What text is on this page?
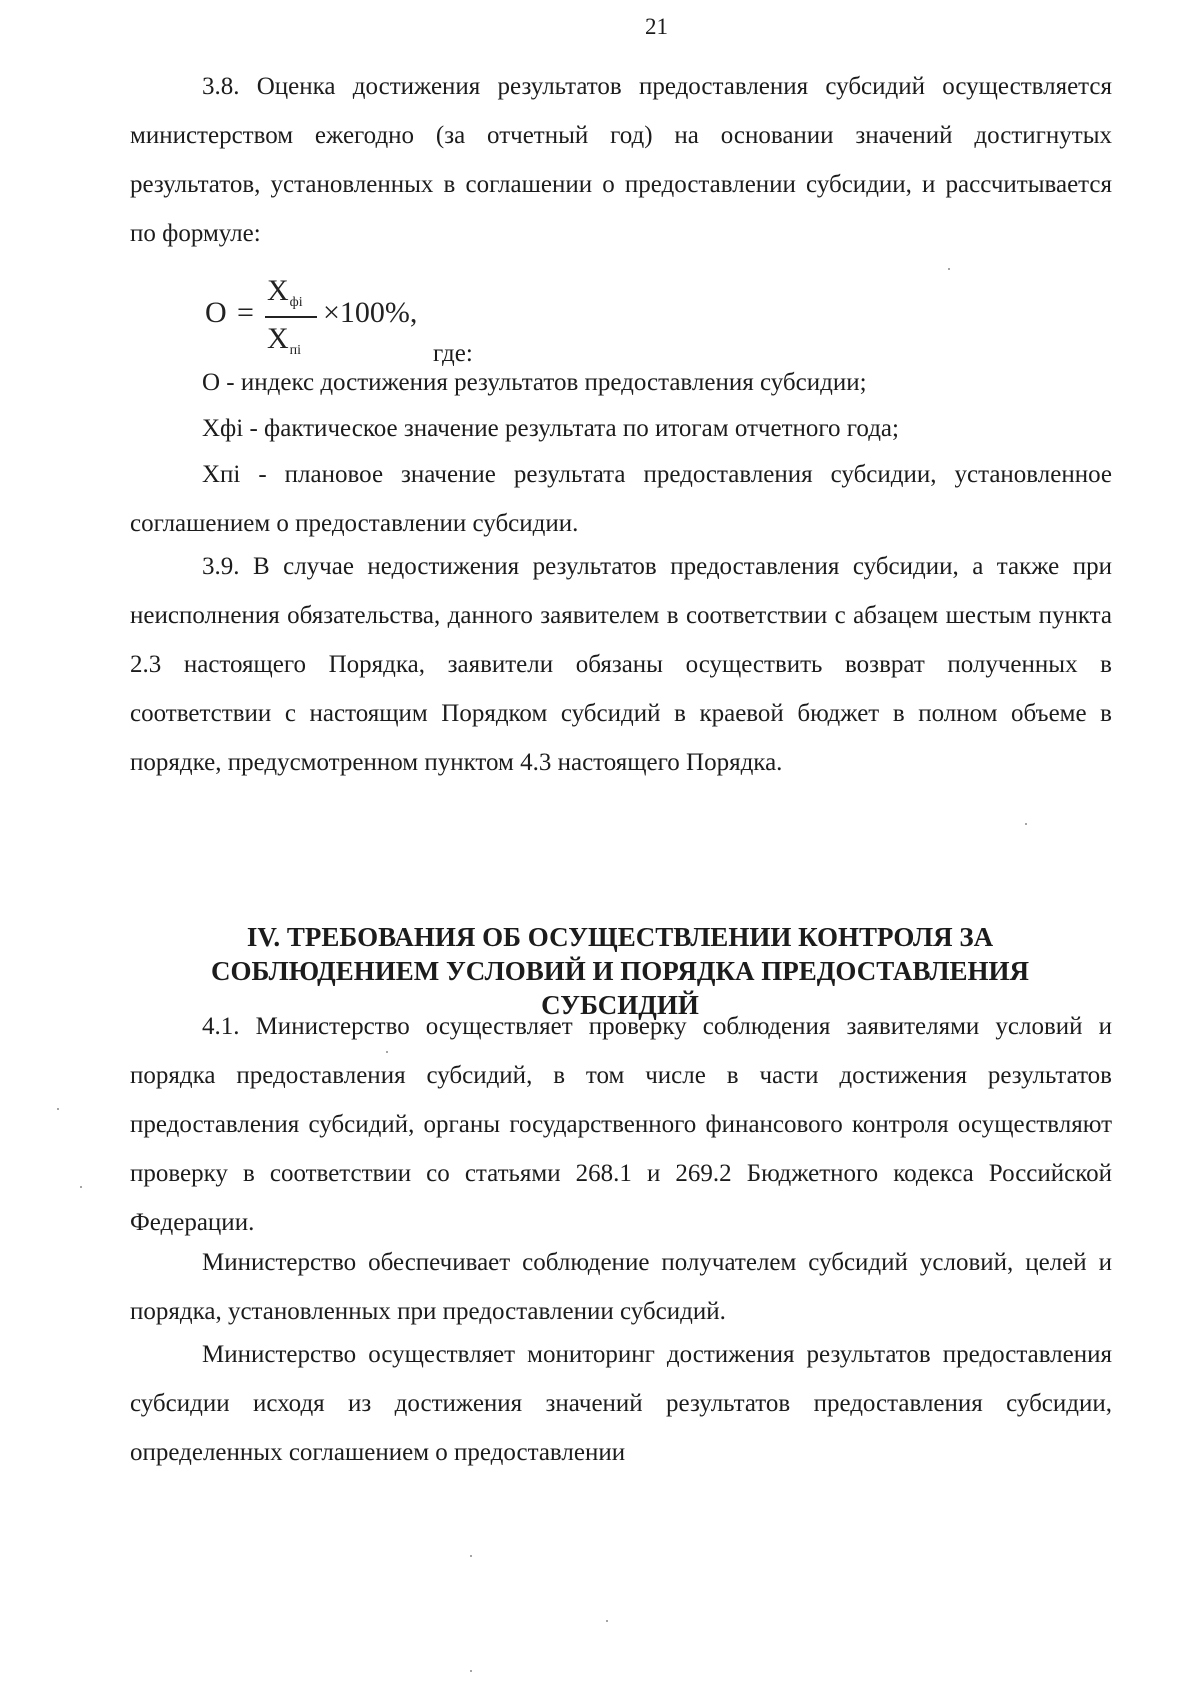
21

3.8. Оценка достижения результатов предоставления субсидий осуществляется министерством ежегодно (за отчетный год) на основании значений достигнутых результатов, установленных в соглашении о предоставлении субсидии, и рассчитывается по формуле:

О =
$X_{фi}$
$X_{пi}$
×100%,
где:

О - индекс достижения результатов предоставления субсидии;

Хфi - фактическое значение результата по итогам отчетного года;

Хпi - плановое значение результата предоставления субсидии, установленное соглашением о предоставлении субсидии.

3.9. В случае недостижения результатов предоставления субсидии, а также при неисполнения обязательства, данного заявителем в соответствии с абзацем шестым пункта 2.3 настоящего Порядка, заявители обязаны осуществить возврат полученных в соответствии с настоящим Порядком субсидий в краевой бюджет в полном объеме в порядке, предусмотренном пунктом 4.3 настоящего Порядка.

IV. ТРЕБОВАНИЯ ОБ ОСУЩЕСТВЛЕНИИ КОНТРОЛЯ ЗА СОБЛЮДЕНИЕМ УСЛОВИЙ И ПОРЯДКА ПРЕДОСТАВЛЕНИЯ СУБСИДИЙ

4.1. Министерство осуществляет проверку соблюдения заявителями условий и порядка предоставления субсидий, в том числе в части достижения результатов предоставления субсидий, органы государственного финансового контроля осуществляют проверку в соответствии со статьями 268.1 и 269.2 Бюджетного кодекса Российской Федерации.

Министерство обеспечивает соблюдение получателем субсидий условий, целей и порядка, установленных при предоставлении субсидий.

Министерство осуществляет мониторинг достижения результатов предоставления субсидии исходя из достижения значений результатов предоставления субсидии, определенных соглашением о предоставлении
